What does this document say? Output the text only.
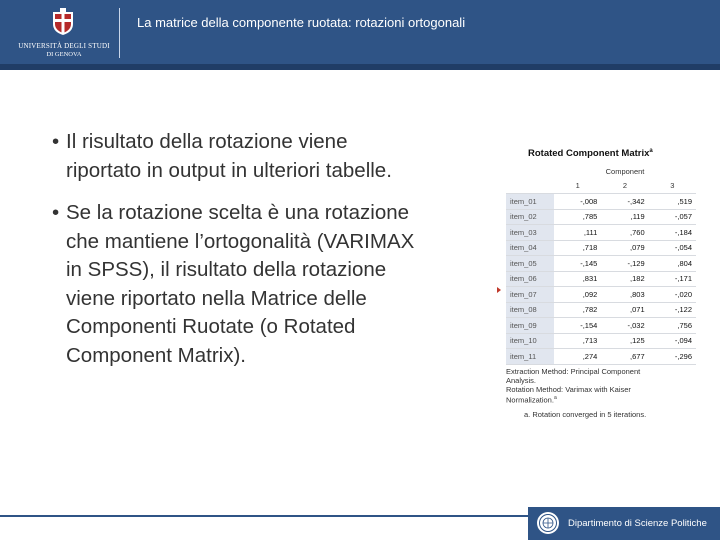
UNIVERSITÀ DEGLI STUDI
DI GENOVA
La matrice della componente ruotata: rotazioni ortogonali
• Il risultato della rotazione viene
riportato in output in ulteriori tabelle.
• Se la rotazione scelta è una rotazione
che mantiene l’ortogonalità (VARIMAX
in SPSS), il risultato della rotazione
viene riportato nella Matrice delle
Componenti Ruotate (o Rotated
Component Matrix).
Rotated Component Matrix$^a$
	Component		
	1	2	3
item_01	-,008	-,342	,519
item_02	,785	,119	-,057
item_03	,111	,760	-,184
item_04	,718	,079	-,054
item_05	-,145	-,129	,804
item_06	,831	,182	-,171
item_07	,092	,803	-,020
item_08	,782	,071	-,122
item_09	-,154	-,032	,756
item_10	,713	,125	-,094
item_11	,274	,677	-,296
Extraction Method: Principal Component
Analysis.
Rotation Method: Varimax with Kaiser
Normalization.$^a$
a. Rotation converged in 5 iterations.
Dipartimento di Scienze Politiche
